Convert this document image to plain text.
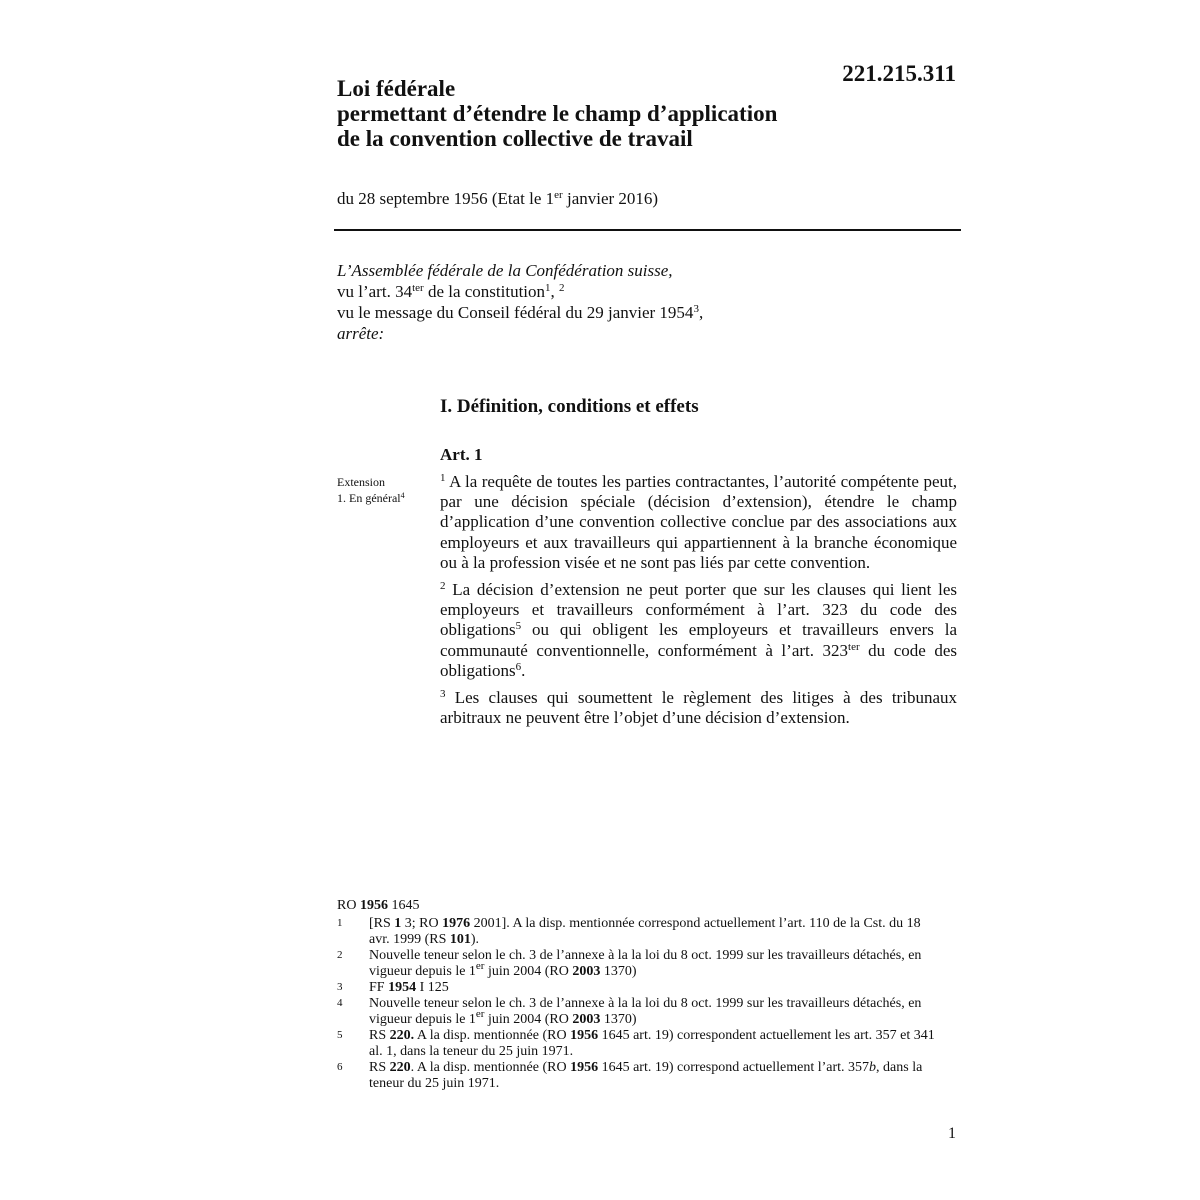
Loi fédérale
permettant d’étendre le champ d’application
de la convention collective de travail
221.215.311
du 28 septembre 1956 (Etat le 1er janvier 2016)
L’Assemblée fédérale de la Confédération suisse,
vu l’art. $34^{ter}$ de la constitution$^1$, $^2$
vu le message du Conseil fédéral du 29 janvier 1954$^3$,
arrête:
I. Définition, conditions et effets
Art. 1
Extension
1. En général$^4$

$^1$ A la requête de toutes les parties contractantes, l’autorité compétente peut, par une décision spéciale (décision d’extension), étendre le champ d’application d’une convention collective conclue par des associations aux employeurs et aux travailleurs qui appartiennent à la branche économique ou à la profession visée et ne sont pas liés par cette convention.

$^2$ La décision d’extension ne peut porter que sur les clauses qui lient les employeurs et travailleurs conformément à l’art. 323 du code des obligations$^5$ ou qui obligent les employeurs et travailleurs envers la communauté conventionnelle, conformément à l’art. $323^{ter}$ du code des obligations$^6$.

$^3$ Les clauses qui soumettent le règlement des litiges à des tribunaux arbitraux ne peuvent être l’objet d’une décision d’extension.

RO 1956 1645
1	[RS 1 3; RO 1976 2001]. A la disp. mentionnée correspond actuellement l’art. 110 de la Cst. du 18 avr. 1999 (RS 101).
2	Nouvelle teneur selon le ch. 3 de l’annexe à la la loi du 8 oct. 1999 sur les travailleurs détachés, en vigueur depuis le 1er juin 2004 (RO 2003 1370)
3	FF 1954 I 125
4	Nouvelle teneur selon le ch. 3 de l’annexe à la la loi du 8 oct. 1999 sur les travailleurs détachés, en vigueur depuis le 1er juin 2004 (RO 2003 1370)
5	RS 220. A la disp. mentionnée (RO 1956 1645 art. 19) correspondent actuellement les art. 357 et 341 al. 1, dans la teneur du 25 juin 1971.
6	RS 220. A la disp. mentionnée (RO 1956 1645 art. 19) correspond actuellement l’art. 357b, dans la teneur du 25 juin 1971.
1
